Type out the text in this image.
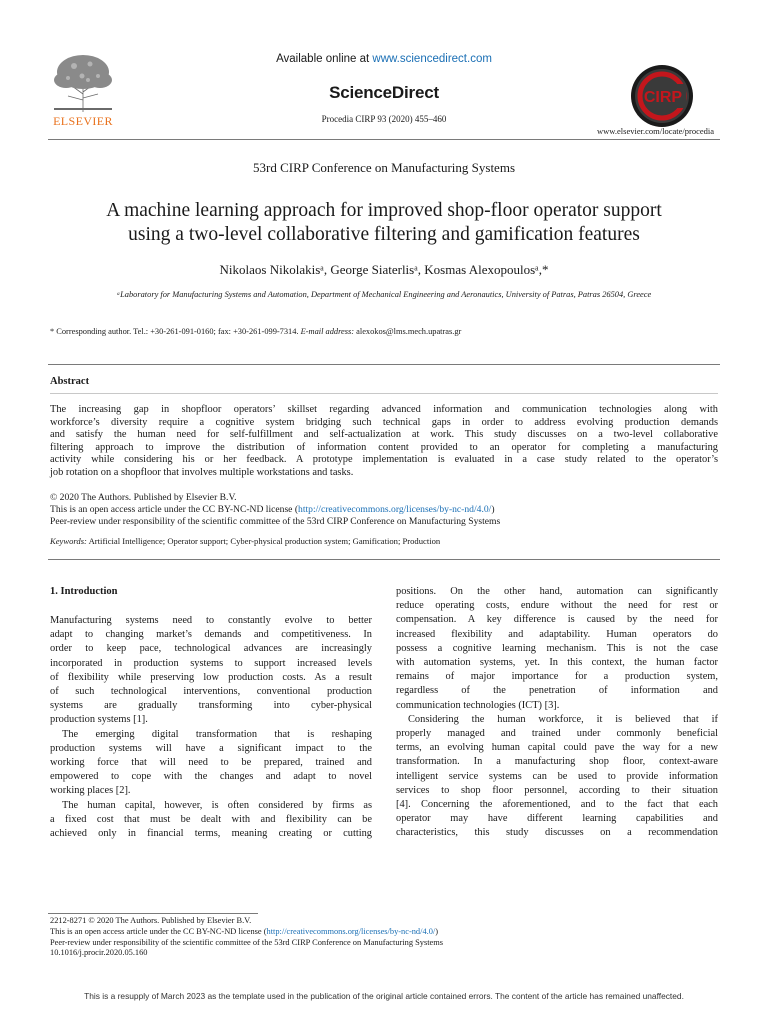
ELSEVIER
Available online at www.sciencedirect.com
ScienceDirect
Procedia CIRP 93 (2020) 455–460
CIRP
www.elsevier.com/locate/procedia
53rd CIRP Conference on Manufacturing Systems
A machine learning approach for improved shop-floor operator support
using a two-level collaborative filtering and gamification features
Nikolaos Nikolakisᵃ, George Siaterlisᵃ, Kosmas Alexopoulosᵃ,*
ᵃLaboratory for Manufacturing Systems and Automation, Department of Mechanical Engineering and Aeronautics, University of Patras, Patras 26504, Greece
* Corresponding author. Tel.: +30-261-091-0160; fax: +30-261-099-7314. E-mail address: alexokos@lms.mech.upatras.gr
Abstract
The increasing gap in shopfloor operators’ skillset regarding advanced information and communication technologies along with
workforce’s diversity require a cognitive system bridging such technical gaps in order to address evolving production demands
and satisfy the human need for self-fulfillment and self-actualization at work. This study discusses on a two-level collaborative
filtering approach to improve the distribution of information content provided to an operator for completing a manufacturing
activity while considering his or her feedback. A prototype implementation is evaluated in a case study related to the operator’s
job rotation on a shopfloor that involves multiple workstations and tasks.
© 2020 The Authors. Published by Elsevier B.V.
This is an open access article under the CC BY-NC-ND license (http://creativecommons.org/licenses/by-nc-nd/4.0/)
Peer-review under responsibility of the scientific committee of the 53rd CIRP Conference on Manufacturing Systems
Keywords: Artificial Intelligence; Operator support; Cyber-physical production system; Gamification; Production
1. Introduction
Manufacturing systems need to constantly evolve to better
adapt to changing market’s demands and competitiveness. In
order to keep pace, technological advances are increasingly
incorporated in production systems to support increased levels
of flexibility while preserving low production costs. As a result
of such technological interventions, conventional production
systems are gradually transforming into cyber-physical
production systems [1].
The emerging digital transformation that is reshaping
production systems will have a significant impact to the
working force that will need to be prepared, trained and
empowered to cope with the changes and adapt to novel
working places [2].
The human capital, however, is often considered by firms as
a fixed cost that must be dealt with and flexibility can be
achieved only in financial terms, meaning creating or cutting
positions. On the other hand, automation can significantly
reduce operating costs, endure without the need for rest or
compensation. A key difference is caused by the need for
increased flexibility and adaptability. Human operators do
possess a cognitive learning mechanism. This is not the case
with automation systems, yet. In this context, the human factor
remains of major importance for a production system,
regardless of the penetration of information and
communication technologies (ICT) [3].
Considering the human workforce, it is believed that if
properly managed and trained under commonly beneficial
terms, an evolving human capital could pave the way for a new
transformation. In a manufacturing shop floor, context-aware
intelligent service systems can be used to provide information
services to shop floor personnel, according to their situation
[4]. Concerning the aforementioned, and to the fact that each
operator may have different learning capabilities and
characteristics, this study discusses on a recommendation
2212-8271 © 2020 The Authors. Published by Elsevier B.V.
This is an open access article under the CC BY-NC-ND license (http://creativecommons.org/licenses/by-nc-nd/4.0/)
Peer-review under responsibility of the scientific committee of the 53rd CIRP Conference on Manufacturing Systems
10.1016/j.procir.2020.05.160
This is a resupply of March 2023 as the template used in the publication of the original article contained errors. The content of the article has remained unaffected.
